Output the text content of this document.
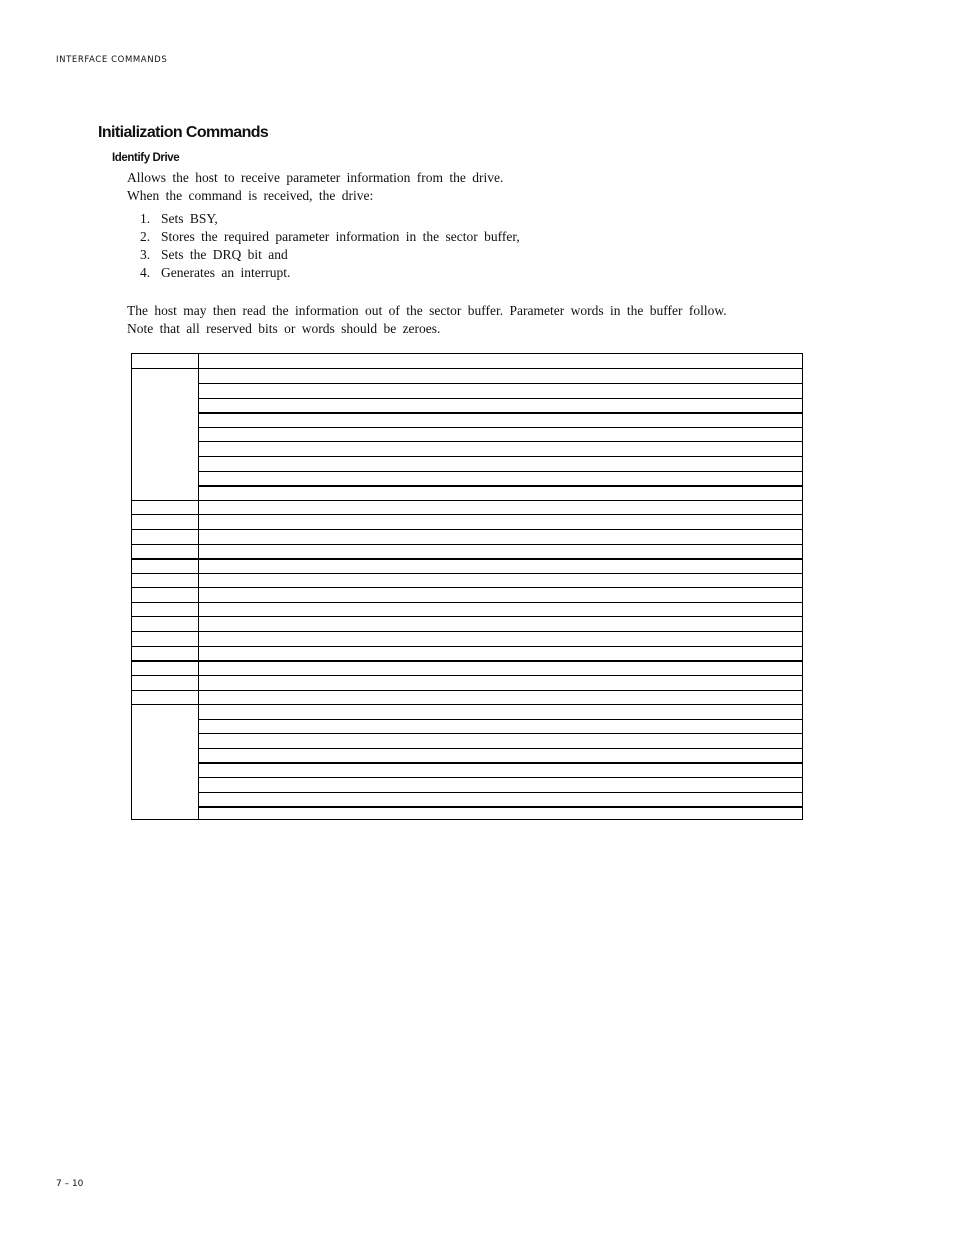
INTERFACE COMMANDS
Initialization Commands
Identify Drive
Allows the host to receive parameter information from the drive.
When the command is received, the drive:
1. Sets BSY,
2. Stores the required parameter information in the sector buffer,
3. Sets the DRQ bit and
4. Generates an interrupt.
The host may then read the information out of the sector buffer. Parameter words in the buffer follow.
Note that all reserved bits or words should be zeroes.
7 – 10
